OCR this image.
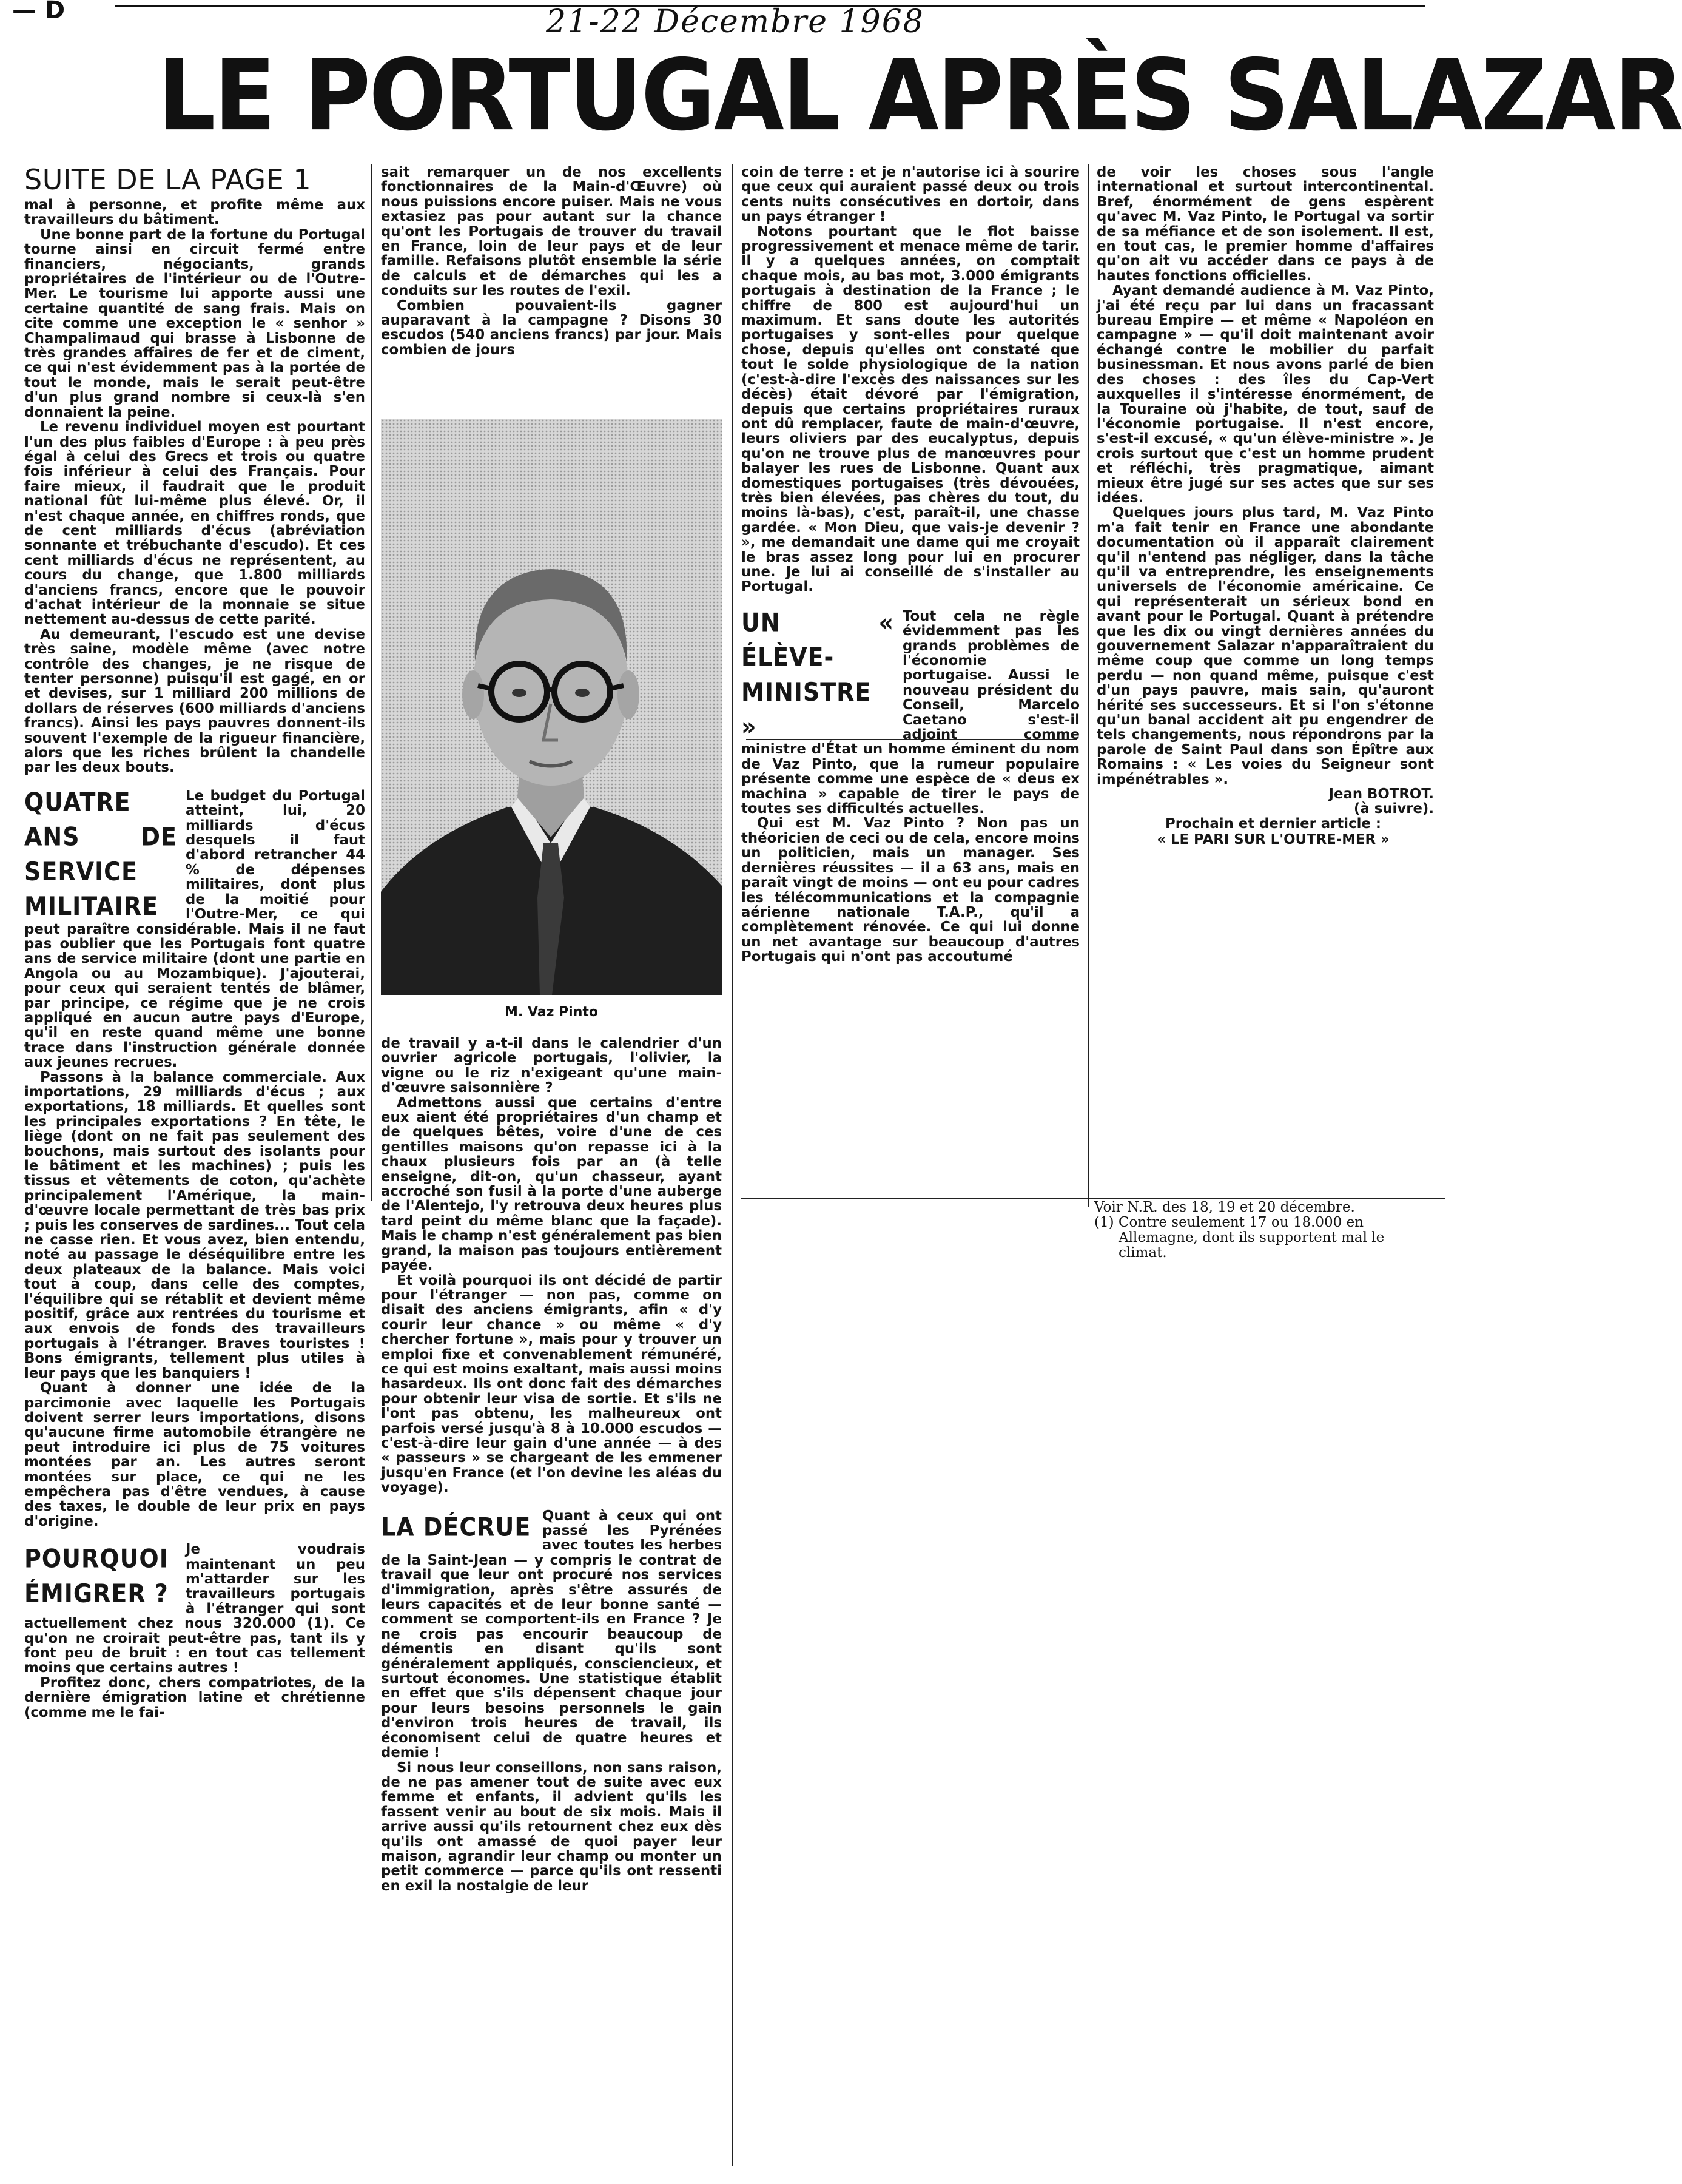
— D	21-22 Décembre 1968
LE PORTUGAL APRÈS SALAZAR
SUITE DE LA PAGE 1

mal à personne, et profite même aux travailleurs du bâtiment.

Une bonne part de la fortune du Portugal tourne ainsi en circuit fermé entre financiers, négociants, grands propriétaires de l'intérieur ou de l'Outre-Mer. Le tourisme lui apporte aussi une certaine quantité de sang frais. Mais on cite comme une exception le « senhor » Champalimaud qui brasse à Lisbonne de très grandes affaires de fer et de ciment, ce qui n'est évidemment pas à la portée de tout le monde, mais le serait peut-être d'un plus grand nombre si ceux-là s'en donnaient la peine.

Le revenu individuel moyen est pourtant l'un des plus faibles d'Europe : à peu près égal à celui des Grecs et trois ou quatre fois inférieur à celui des Français. Pour faire mieux, il faudrait que le produit national fût lui-même plus élevé. Or, il n'est chaque année, en chiffres ronds, que de cent milliards d'écus (abréviation sonnante et trébuchante d'escudo). Et ces cent milliards d'écus ne représentent, au cours du change, que 1.800 milliards d'anciens francs, encore que le pouvoir d'achat intérieur de la monnaie se situe nettement au-dessus de cette parité.

Au demeurant, l'escudo est une devise très saine, modèle même (avec notre contrôle des changes, je ne risque de tenter personne) puisqu'il est gagé, en or et devises, sur 1 milliard 200 millions de dollars de réserves (600 milliards d'anciens francs). Ainsi les pays pauvres donnent-ils souvent l'exemple de la rigueur financière, alors que les riches brûlent la chandelle par les deux bouts.

QUATRE ANS DE SERVICE MILITAIRE

Le budget du Portugal atteint, lui, 20 milliards d'écus desquels il faut d'abord retrancher 44 % de dépenses militaires, dont plus de la moitié pour l'Outre-Mer, ce qui peut paraître considérable. Mais il ne faut pas oublier que les Portugais font quatre ans de service militaire (dont une partie en Angola ou au Mozambique). J'ajouterai, pour ceux qui seraient tentés de blâmer, par principe, ce régime que je ne crois appliqué en aucun autre pays d'Europe, qu'il en reste quand même une bonne trace dans l'instruction générale donnée aux jeunes recrues.

Passons à la balance commerciale. Aux importations, 29 milliards d'écus ; aux exportations, 18 milliards. Et quelles sont les principales exportations ? En tête, le liège (dont on ne fait pas seulement des bouchons, mais surtout des isolants pour le bâtiment et les machines) ; puis les tissus et vêtements de coton, qu'achète principalement l'Amérique, la main-d'œuvre locale permettant de très bas prix ; puis les conserves de sardines... Tout cela ne casse rien. Et vous avez, bien entendu, noté au passage le déséquilibre entre les deux plateaux de la balance. Mais voici tout à coup, dans celle des comptes, l'équilibre qui se rétablit et devient même positif, grâce aux rentrées du tourisme et aux envois de fonds des travailleurs portugais à l'étranger. Braves touristes ! Bons émigrants, tellement plus utiles à leur pays que les banquiers !

Quant à donner une idée de la parcimonie avec laquelle les Portugais doivent serrer leurs importations, disons qu'aucune firme automobile étrangère ne peut introduire ici plus de 75 voitures montées par an. Les autres seront montées sur place, ce qui ne les empêchera pas d'être vendues, à cause des taxes, le double de leur prix en pays d'origine.

POURQUOI ÉMIGRER ?

Je voudrais maintenant un peu m'attarder sur les travailleurs portugais à l'étranger qui sont actuellement chez nous 320.000 (1). Ce qu'on ne croirait peut-être pas, tant ils y font peu de bruit : en tout cas tellement moins que certains autres !

Profitez donc, chers compatriotes, de la dernière émigration latine et chrétienne (comme me le fai-

sait remarquer un de nos excellents fonctionnaires de la Main-d'Œuvre) où nous puissions encore puiser. Mais ne vous extasiez pas pour autant sur la chance qu'ont les Portugais de trouver du travail en France, loin de leur pays et de leur famille. Refaisons plutôt ensemble la série de calculs et de démarches qui les a conduits sur les routes de l'exil.

Combien pouvaient-ils gagner auparavant à la campagne ? Disons 30 escudos (540 anciens francs) par jour. Mais combien de jours

M. Vaz Pinto

de travail y a-t-il dans le calendrier d'un ouvrier agricole portugais, l'olivier, la vigne ou le riz n'exigeant qu'une main-d'œuvre saisonnière ?

Admettons aussi que certains d'entre eux aient été propriétaires d'un champ et de quelques bêtes, voire d'une de ces gentilles maisons qu'on repasse ici à la chaux plusieurs fois par an (à telle enseigne, dit-on, qu'un chasseur, ayant accroché son fusil à la porte d'une auberge de l'Alentejo, l'y retrouva deux heures plus tard peint du même blanc que la façade). Mais le champ n'est généralement pas bien grand, la maison pas toujours entièrement payée.

Et voilà pourquoi ils ont décidé de partir pour l'étranger — non pas, comme on disait des anciens émigrants, afin « d'y courir leur chance » ou même « d'y chercher fortune », mais pour y trouver un emploi fixe et convenablement rémunéré, ce qui est moins exaltant, mais aussi moins hasardeux. Ils ont donc fait des démarches pour obtenir leur visa de sortie. Et s'ils ne l'ont pas obtenu, les malheureux ont parfois versé jusqu'à 8 à 10.000 escudos — c'est-à-dire leur gain d'une année — à des « passeurs » se chargeant de les emmener jusqu'en France (et l'on devine les aléas du voyage).

LA DÉCRUE Quant à ceux qui ont passé les Pyrénées avec toutes les herbes de la Saint-Jean — y compris le contrat de travail que leur ont procuré nos services d'immigration, après s'être assurés de leurs capacités et de leur bonne santé — comment se comportent-ils en France ? Je ne crois pas encourir beaucoup de démentis en disant qu'ils sont généralement appliqués, consciencieux, et surtout économes. Une statistique établit en effet que s'ils dépensent chaque jour pour leurs besoins personnels le gain d'environ trois heures de travail, ils économisent celui de quatre heures et demie !

Si nous leur conseillons, non sans raison, de ne pas amener tout de suite avec eux femme et enfants, il advient qu'ils les fassent venir au bout de six mois. Mais il arrive aussi qu'ils retournent chez eux dès qu'ils ont amassé de quoi payer leur maison, agrandir leur champ ou monter un petit commerce — parce qu'ils ont ressenti en exil la nostalgie de leur

coin de terre : et je n'autorise ici à sourire que ceux qui auraient passé deux ou trois cents nuits consécutives en dortoir, dans un pays étranger !

Notons pourtant que le flot baisse progressivement et menace même de tarir. Il y a quelques années, on comptait chaque mois, au bas mot, 3.000 émigrants portugais à destination de la France ; le chiffre de 800 est aujourd'hui un maximum. Et sans doute les autorités portugaises y sont-elles pour quelque chose, depuis qu'elles ont constaté que tout le solde physiologique de la nation (c'est-à-dire l'excès des naissances sur les décès) était dévoré par l'émigration, depuis que certains propriétaires ruraux ont dû remplacer, faute de main-d'œuvre, leurs oliviers par des eucalyptus, depuis qu'on ne trouve plus de manœuvres pour balayer les rues de Lisbonne. Quant aux domestiques portugaises (très dévouées, très bien élevées, pas chères du tout, du moins là-bas), c'est, paraît-il, une chasse gardée. « Mon Dieu, que vais-je devenir ? », me demandait une dame qui me croyait le bras assez long pour lui en procurer une. Je lui ai conseillé de s'installer au Portugal.

UN « ÉLÈVE-MINISTRE »

Tout cela ne règle évidemment pas les grands problèmes de l'économie portugaise. Aussi le nouveau président du Conseil, Marcelo Caetano s'est-il adjoint comme ministre d'État un homme éminent du nom de Vaz Pinto, que la rumeur populaire présente comme une espèce de « deus ex machina » capable de tirer le pays de toutes ses difficultés actuelles.

Qui est M. Vaz Pinto ? Non pas un théoricien de ceci ou de cela, encore moins un politicien, mais un manager. Ses dernières réussites — il a 63 ans, mais en paraît vingt de moins — ont eu pour cadres les télécommunications et la compagnie aérienne nationale T.A.P., qu'il a complètement rénovée. Ce qui lui donne un net avantage sur beaucoup d'autres Portugais qui n'ont pas accoutumé

de voir les choses sous l'angle international et surtout intercontinental. Bref, énormément de gens espèrent qu'avec M. Vaz Pinto, le Portugal va sortir de sa méfiance et de son isolement. Il est, en tout cas, le premier homme d'affaires qu'on ait vu accéder dans ce pays à de hautes fonctions officielles.

Ayant demandé audience à M. Vaz Pinto, j'ai été reçu par lui dans un fracassant bureau Empire — et même « Napoléon en campagne » — qu'il doit maintenant avoir échangé contre le mobilier du parfait businessman. Et nous avons parlé de bien des choses : des îles du Cap-Vert auxquelles il s'intéresse énormément, de la Touraine où j'habite, de tout, sauf de l'économie portugaise. Il n'est encore, s'est-il excusé, « qu'un élève-ministre ». Je crois surtout que c'est un homme prudent et réfléchi, très pragmatique, aimant mieux être jugé sur ses actes que sur ses idées.

Quelques jours plus tard, M. Vaz Pinto m'a fait tenir en France une abondante documentation où il apparaît clairement qu'il n'entend pas négliger, dans la tâche qu'il va entreprendre, les enseignements universels de l'économie américaine. Ce qui représenterait un sérieux bond en avant pour le Portugal. Quant à prétendre que les dix ou vingt dernières années du gouvernement Salazar n'apparaîtraient du même coup que comme un long temps perdu — non quand même, puisque c'est d'un pays pauvre, mais sain, qu'auront hérité ses successeurs. Et si l'on s'étonne qu'un banal accident ait pu engendrer de tels changements, nous répondrons par la parole de Saint Paul dans son Épître aux Romains : « Les voies du Seigneur sont impénétrables ».

Jean BOTROT.

(à suivre).

Prochain et dernier article :

« LE PARI SUR L'OUTRE-MER »

Voir N.R. des 18, 19 et 20 décembre.

(1) Contre seulement 17 ou 18.000 en Allemagne, dont ils supportent mal le climat.
